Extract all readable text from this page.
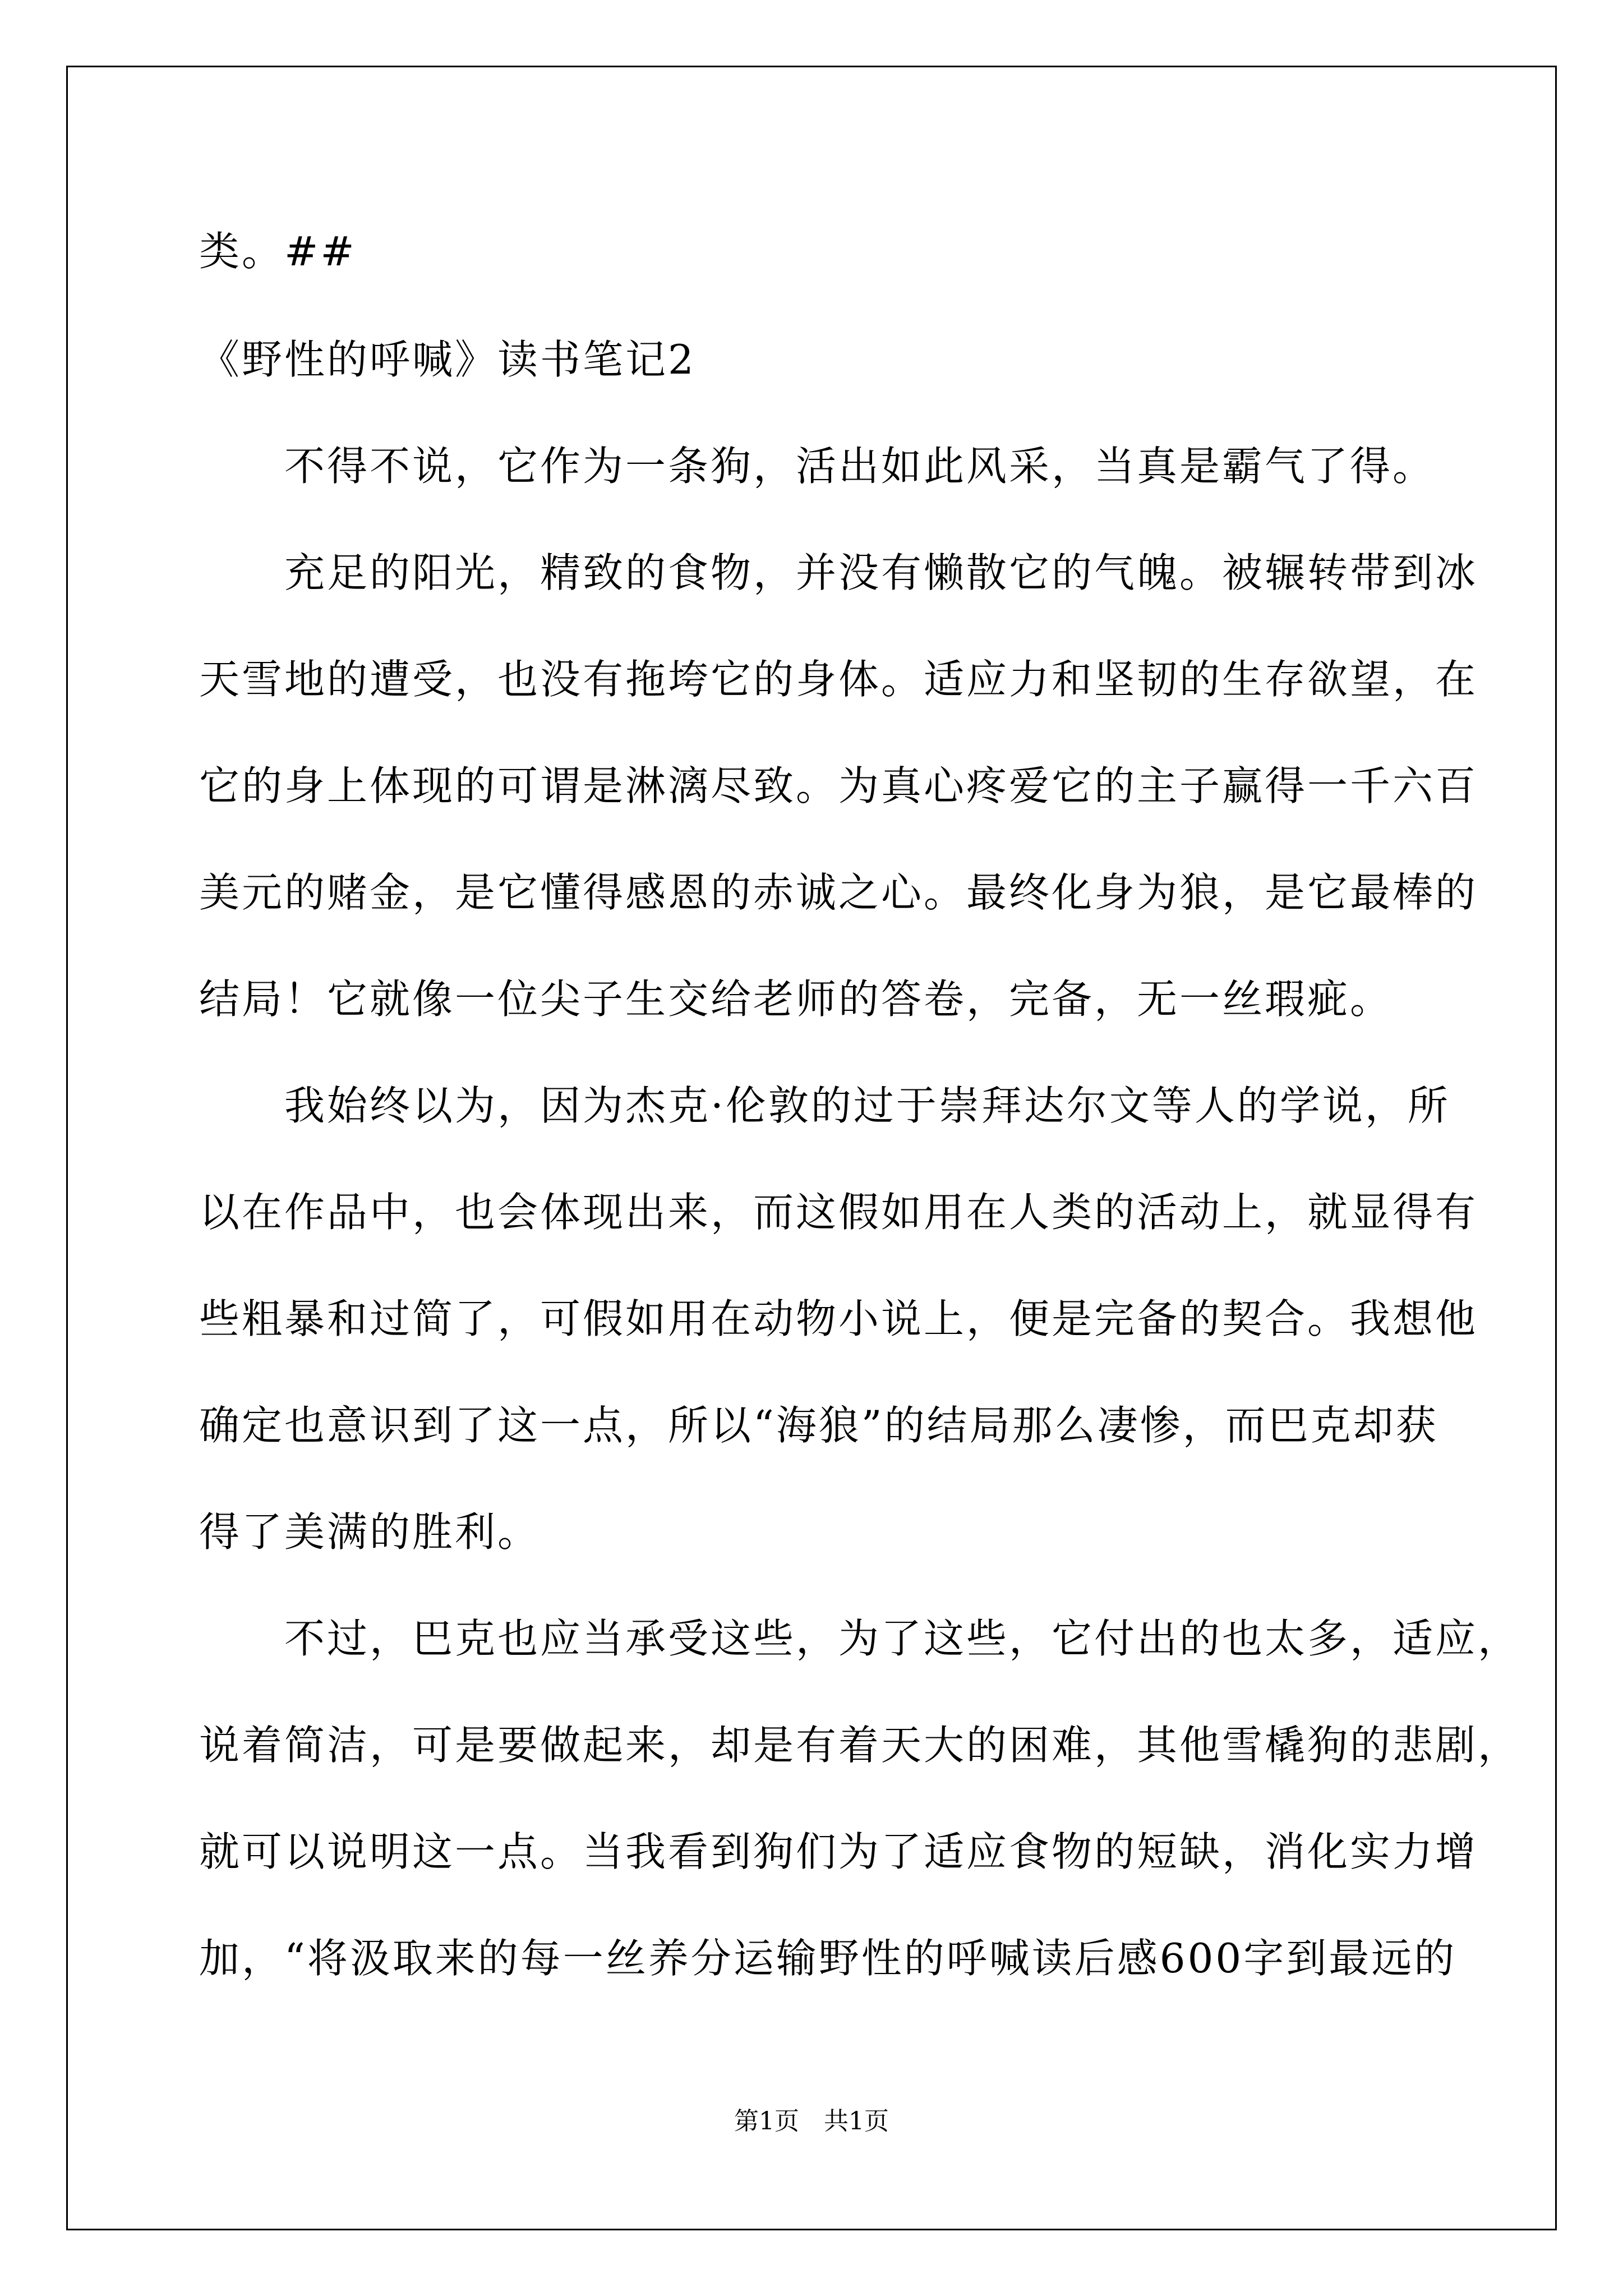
类。##
《野性的呼喊》读书笔记2
　　不得不说，它作为一条狗，活出如此风采，当真是霸气了得。
　　充足的阳光，精致的食物，并没有懒散它的气魄。被辗转带到冰
天雪地的遭受，也没有拖垮它的身体。适应力和坚韧的生存欲望，在
它的身上体现的可谓是淋漓尽致。为真心疼爱它的主子赢得一千六百
美元的赌金，是它懂得感恩的赤诚之心。最终化身为狼，是它最棒的
结局！它就像一位尖子生交给老师的答卷，完备，无一丝瑕疵。
　　我始终以为，因为杰克·伦敦的过于崇拜达尔文等人的学说，所
以在作品中，也会体现出来，而这假如用在人类的活动上，就显得有
些粗暴和过简了，可假如用在动物小说上，便是完备的契合。我想他
确定也意识到了这一点，所以“海狼”的结局那么凄惨，而巴克却获
得了美满的胜利。
　　不过，巴克也应当承受这些，为了这些，它付出的也太多，适应，
说着简洁，可是要做起来，却是有着天大的困难，其他雪橇狗的悲剧，
就可以说明这一点。当我看到狗们为了适应食物的短缺，消化实力增
加，“将汲取来的每一丝养分运输野性的呼喊读后感600字到最远的
第1页　共1页
